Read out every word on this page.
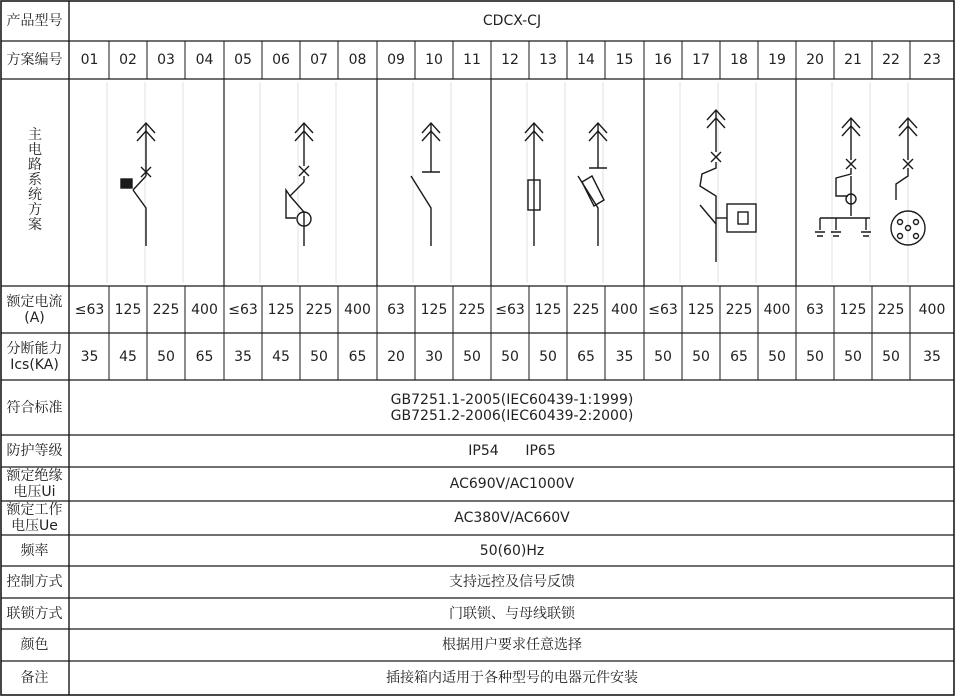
产品型号
方案编号
主
电
路
系
统
方
案
额定电流
(A)
分断能力
Ics(KA)
符合标准
防护等级
额定绝缘
电压Ui
额定工作
电压Ue
频率
控制方式
联锁方式
颜色
备注
CDCX-CJ
GB7251.1-2005(IEC60439-1:1999)
GB7251.2-2006(IEC60439-2:2000)
IP54      IP65
AC690V/AC1000V
AC380V/AC660V
50(60)Hz
支持远控及信号反馈
门联锁、与母线联锁
根据用户要求任意选择
插接箱内适用于各种型号的电器元件安装
01
≤63
35
02
125
45
03
225
50
04
400
65
05
≤63
35
06
125
45
07
225
50
08
400
65
09
63
20
10
125
30
11
225
50
12
≤63
50
13
125
50
14
225
65
15
400
35
16
≤63
50
17
125
50
18
225
65
19
400
50
20
63
50
21
125
50
22
225
50
23
400
35
